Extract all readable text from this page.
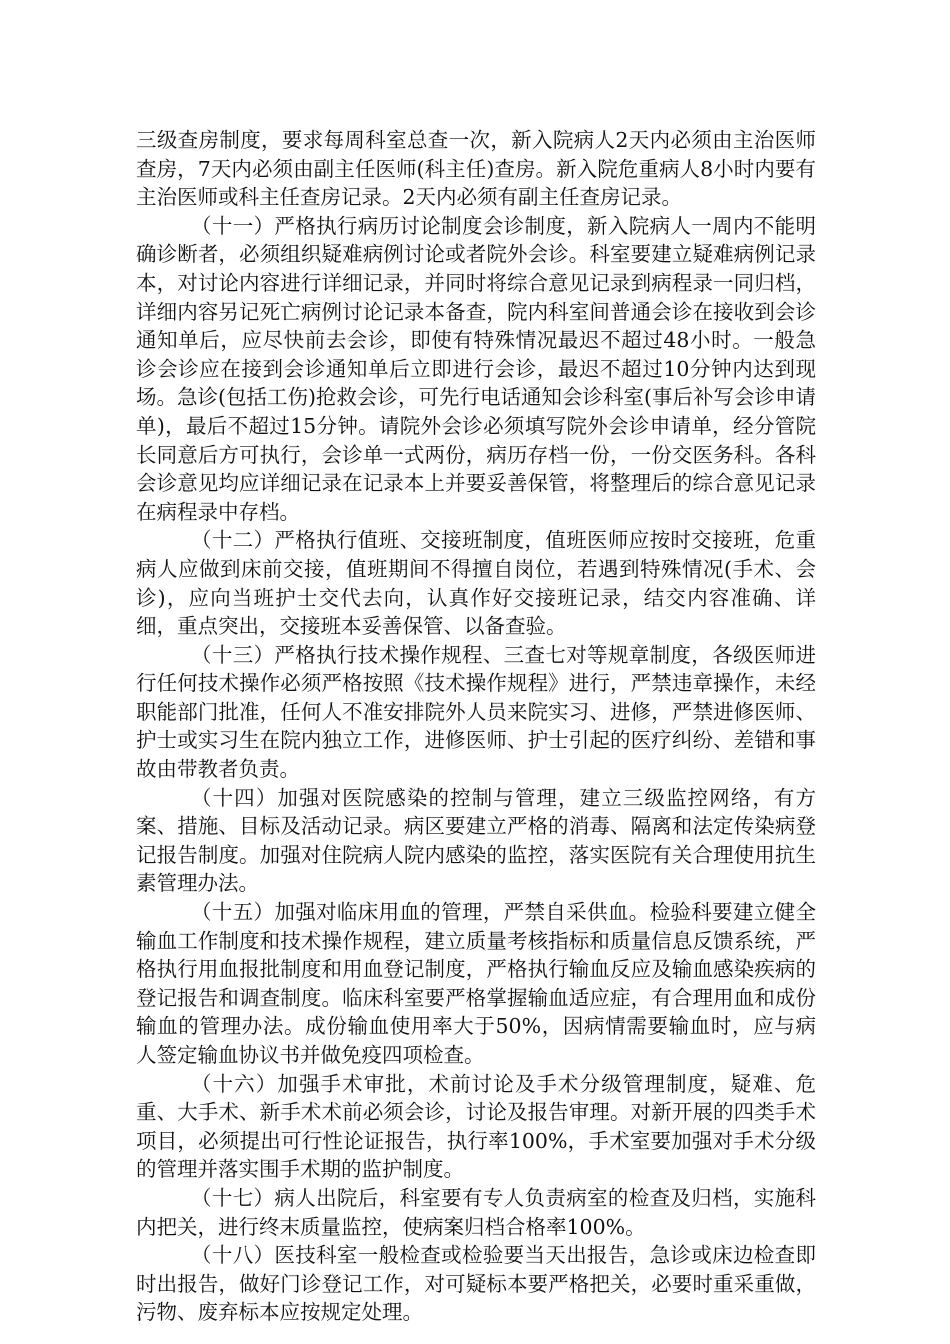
三级查房制度，要求每周科室总查一次，新入院病人2天内必须由主治医师查房，7天内必须由副主任医师(科主任)查房。新入院危重病人8小时内要有主治医师或科主任查房记录。2天内必须有副主任查房记录。

（十一）严格执行病历讨论制度会诊制度，新入院病人一周内不能明确诊断者，必须组织疑难病例讨论或者院外会诊。科室要建立疑难病例记录本，对讨论内容进行详细记录，并同时将综合意见记录到病程录一同归档，详细内容另记死亡病例讨论记录本备查，院内科室间普通会诊在接收到会诊通知单后，应尽快前去会诊，即使有特殊情况最迟不超过48小时。一般急诊会诊应在接到会诊通知单后立即进行会诊，最迟不超过10分钟内达到现场。急诊(包括工伤)抢救会诊，可先行电话通知会诊科室(事后补写会诊申请单)，最后不超过15分钟。请院外会诊必须填写院外会诊申请单，经分管院长同意后方可执行，会诊单一式两份，病历存档一份，一份交医务科。各科会诊意见均应详细记录在记录本上并要妥善保管，将整理后的综合意见记录在病程录中存档。

（十二）严格执行值班、交接班制度，值班医师应按时交接班，危重病人应做到床前交接，值班期间不得擅自岗位，若遇到特殊情况(手术、会诊)，应向当班护士交代去向，认真作好交接班记录，结交内容准确、详细，重点突出，交接班本妥善保管、以备查验。

（十三）严格执行技术操作规程、三查七对等规章制度，各级医师进行任何技术操作必须严格按照《技术操作规程》进行，严禁违章操作，未经职能部门批准，任何人不准安排院外人员来院实习、进修，严禁进修医师、护士或实习生在院内独立工作，进修医师、护士引起的医疗纠纷、差错和事故由带教者负责。

（十四）加强对医院感染的控制与管理，建立三级监控网络，有方案、措施、目标及活动记录。病区要建立严格的消毒、隔离和法定传染病登记报告制度。加强对住院病人院内感染的监控，落实医院有关合理使用抗生素管理办法。

（十五）加强对临床用血的管理，严禁自采供血。检验科要建立健全输血工作制度和技术操作规程，建立质量考核指标和质量信息反馈系统，严格执行用血报批制度和用血登记制度，严格执行输血反应及输血感染疾病的登记报告和调查制度。临床科室要严格掌握输血适应症，有合理用血和成份输血的管理办法。成份输血使用率大于50%，因病情需要输血时，应与病人签定输血协议书并做免疫四项检查。

（十六）加强手术审批，术前讨论及手术分级管理制度，疑难、危重、大手术、新手术术前必须会诊，讨论及报告审理。对新开展的四类手术项目，必须提出可行性论证报告，执行率100%，手术室要加强对手术分级的管理并落实围手术期的监护制度。

（十七）病人出院后，科室要有专人负责病室的检查及归档，实施科内把关，进行终末质量监控，使病案归档合格率100%。

（十八）医技科室一般检查或检验要当天出报告，急诊或床边检查即时出报告，做好门诊登记工作，对可疑标本要严格把关，必要时重采重做，污物、废弃标本应按规定处理。
